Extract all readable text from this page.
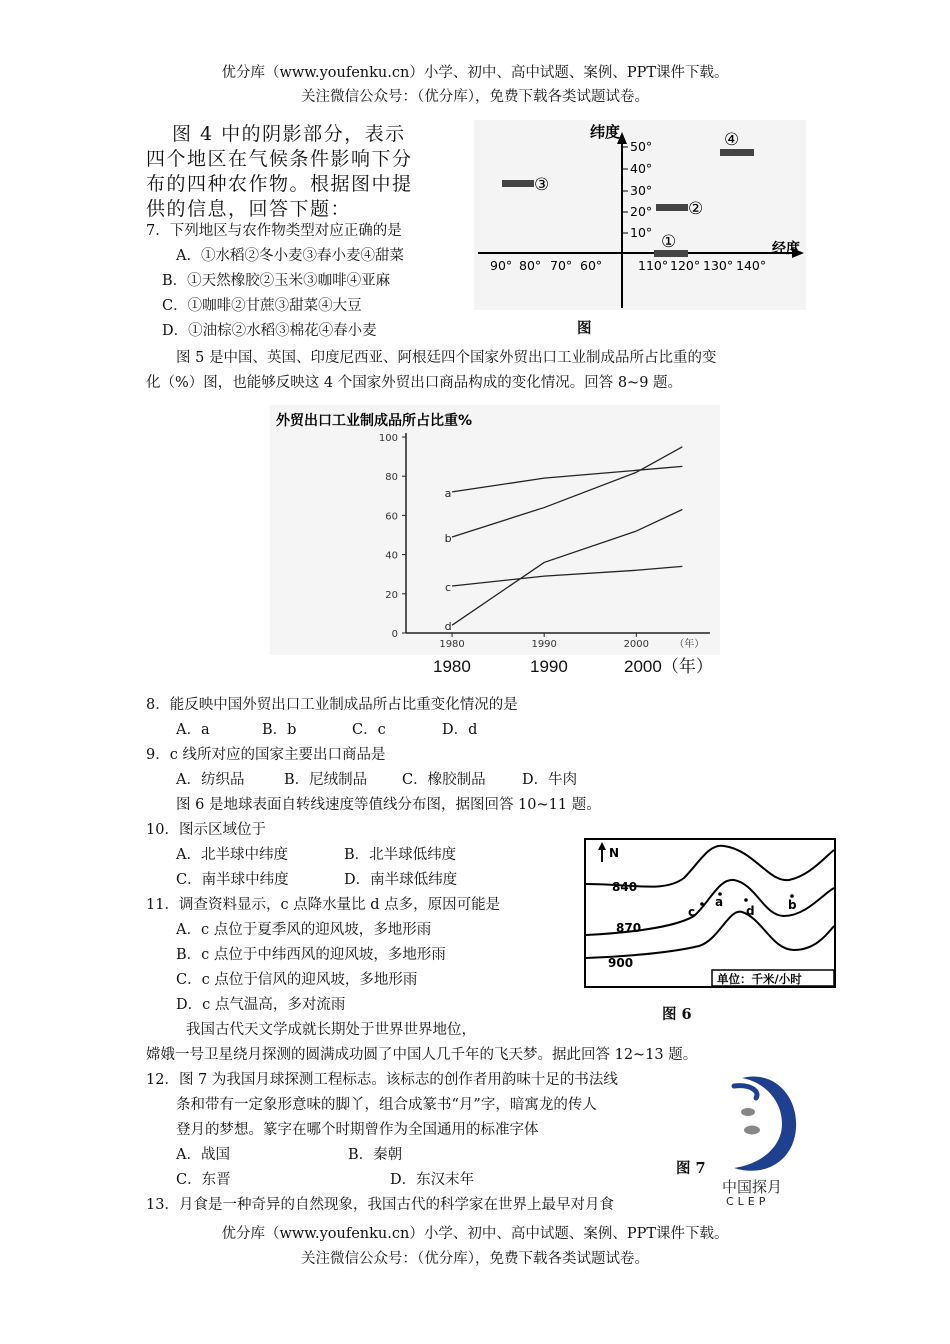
优分库（www.youfenku.cn）小学、初中、高中试题、案例、PPT课件下载。
关注微信公众号：（优分库），免费下载各类试题试卷。
图 4 中的阴影部分，表示
四个地区在气候条件影响下分
布的四种农作物。根据图中提
供的信息，回答下题：
7．下列地区与农作物类型对应正确的是
A．①水稻②冬小麦③春小麦④甜菜
B．①天然橡胶②玉米③咖啡④亚麻
C．①咖啡②甘蔗③甜菜④大豆
D．①油棕②水稻③棉花④春小麦
纬度
经度
50°
40°
30°
20°
10°
90° 80° 70° 60°	110° 120° 130° 140°
③
②
④
①
图
图 5 是中国、英国、印度尼西亚、阿根廷四个国家外贸出口工业制成品所占比重的变
化（%）图，也能够反映这 4 个国家外贸出口商品构成的变化情况。回答 8~9 题。
外贸出口工业制成品所占比重%
100
80
60
40
20
0
1980	1990	2000	（年）
a
b
c
d
1980	1990	2000（年）
8．能反映中国外贸出口工业制成品所占比重变化情况的是
A．a	B．b	C．c	D．d
9．c 线所对应的国家主要出口商品是
A．纺织品	B．尼绒制品 C．橡胶制品	D．牛肉
图 6 是地球表面自转线速度等值线分布图，据图回答 10~11 题。
10．图示区域位于
A．北半球中纬度	B．北半球低纬度
C．南半球中纬度	D．南半球低纬度
11．调查资料显示，c 点降水量比 d 点多，原因可能是
A．c 点位于夏季风的迎风坡，多地形雨
B．c 点位于中纬西风的迎风坡，多地形雨
C．c 点位于信风的迎风坡，多地形雨
D．c 点气温高，多对流雨
N
840
870
900
a	b
c	d
单位：千米/小时
图 6
我国古代天文学成就长期处于世界世界地位，
嫦娥一号卫星绕月探测的圆满成功圆了中国人几千年的飞天梦。据此回答 12~13 题。
12．图 7 为我国月球探测工程标志。该标志的创作者用韵味十足的书法线
条和带有一定象形意味的脚丫，组合成篆书“月”字，暗寓龙的传人
登月的梦想。篆字在哪个时期曾作为全国通用的标准字体
A．战国	B．秦朝
C．东晋	D．东汉末年
图 7
中国探月
CLEP
13．月食是一种奇异的自然现象，我国古代的科学家在世界上最早对月食
优分库（www.youfenku.cn）小学、初中、高中试题、案例、PPT课件下载。
关注微信公众号：（优分库），免费下载各类试题试卷。
